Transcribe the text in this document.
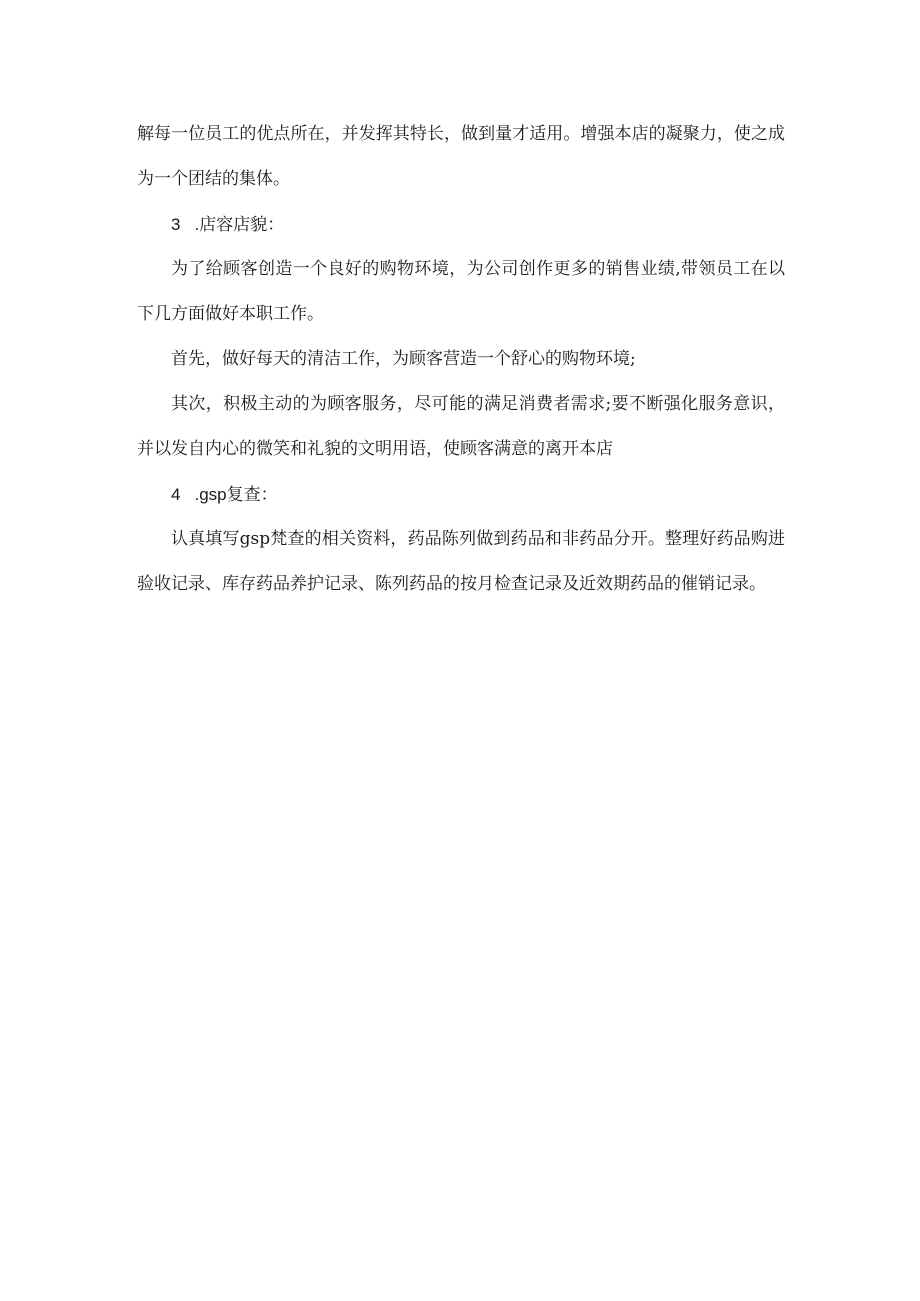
解每一位员工的优点所在，并发挥其特长，做到量才适用。增强本店的凝聚力，使之成为一个团结的集体。

3 .店容店貌：

为了给顾客创造一个良好的购物环境，为公司创作更多的销售业绩,带领员工在以下几方面做好本职工作。

首先，做好每天的清洁工作，为顾客营造一个舒心的购物环境;

其次，积极主动的为顾客服务，尽可能的满足消费者需求;要不断强化服务意识，并以发自内心的微笑和礼貌的文明用语，使顾客满意的离开本店

4 .gsp复查：

认真填写gsp梵查的相关资料，药品陈列做到药品和非药品分开。整理好药品购进验收记录、库存药品养护记录、陈列药品的按月检查记录及近效期药品的催销记录。
